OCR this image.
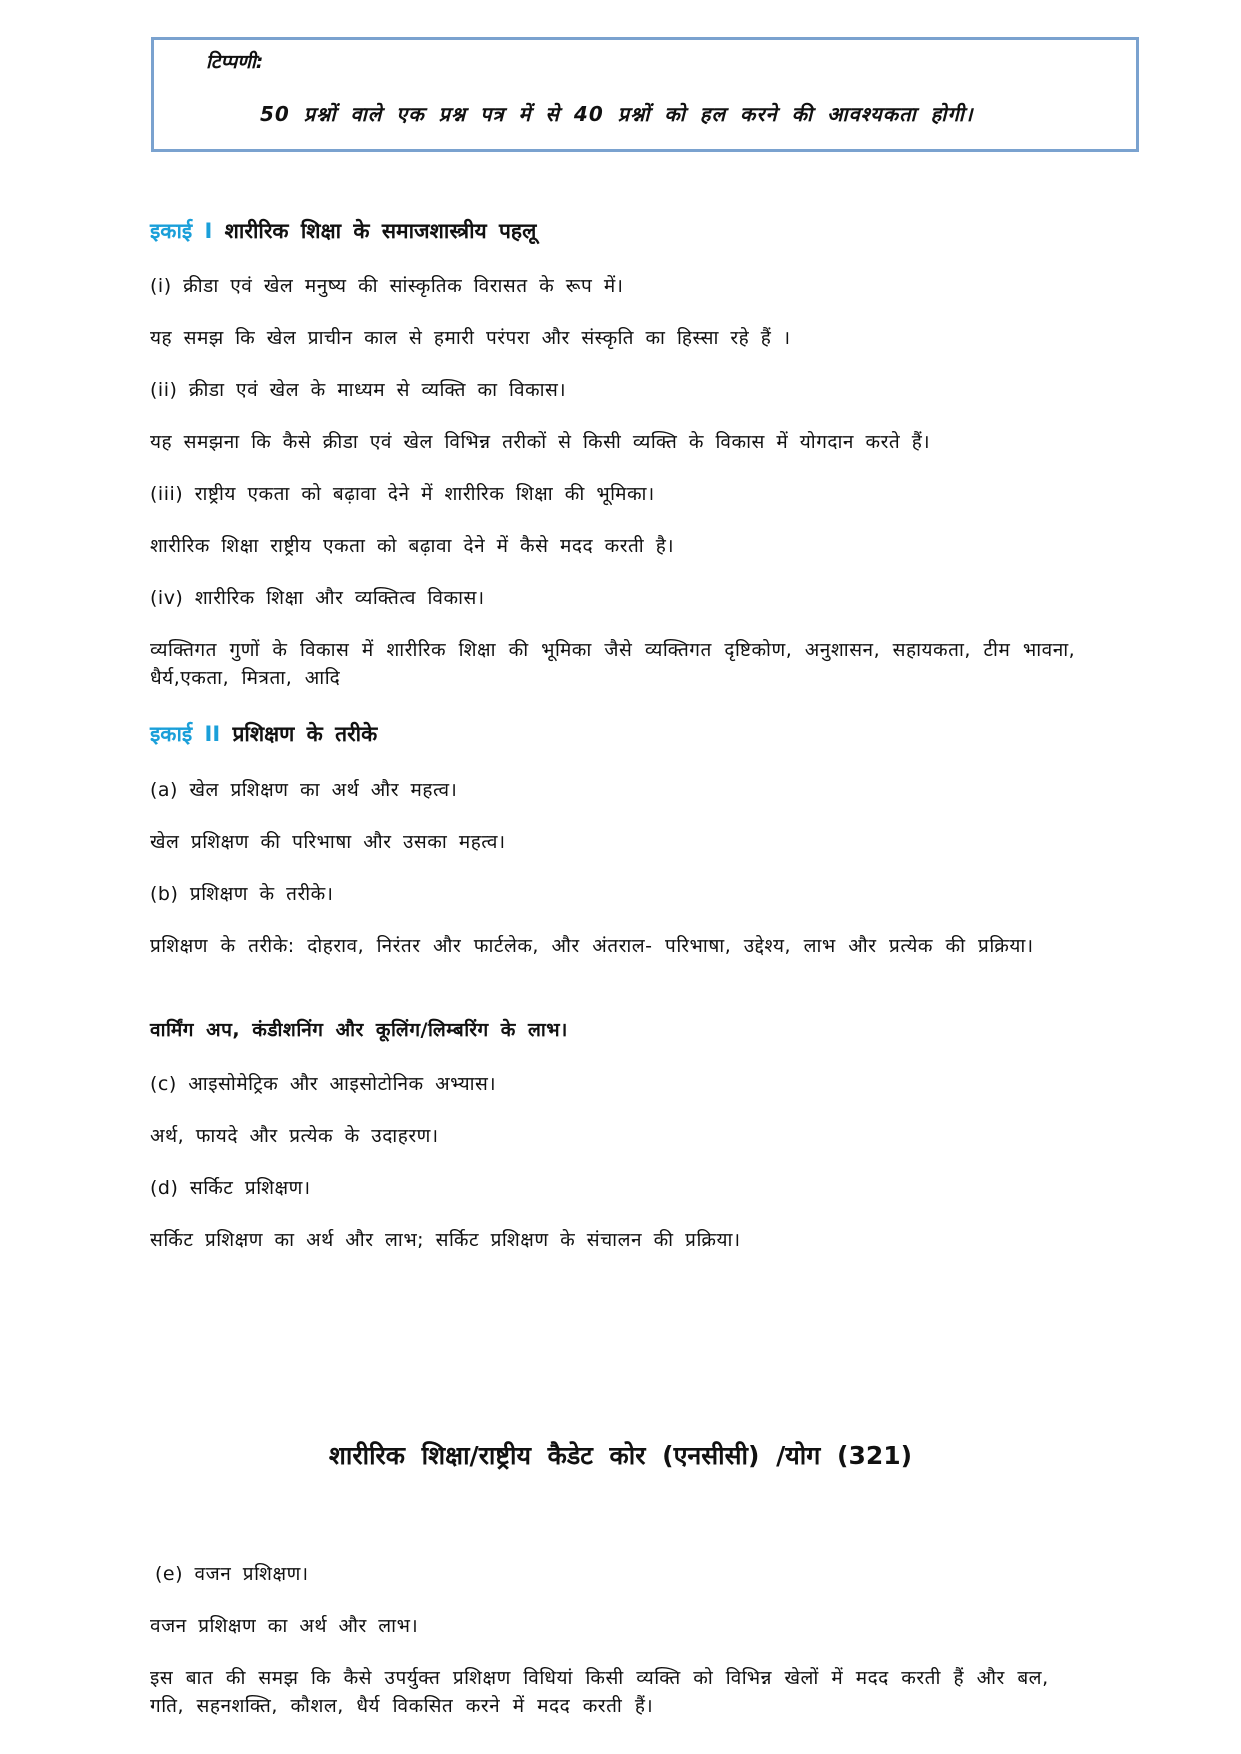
टिप्पणी:
50 प्रश्नों वाले एक प्रश्न पत्र में से 40 प्रश्नों को हल करने की आवश्यकता होगी।
इकाई I शारीरिक शिक्षा के समाजशास्त्रीय पहलू
(i) क्रीडा एवं खेल मनुष्य की सांस्कृतिक विरासत के रूप में।
यह समझ कि खेल प्राचीन काल से हमारी परंपरा और संस्कृति का हिस्सा रहे हैं ।
(ii) क्रीडा एवं खेल के माध्यम से व्यक्ति का विकास।
यह समझना कि कैसे क्रीडा एवं खेल विभिन्न तरीकों से किसी व्यक्ति के विकास में योगदान करते हैं।
(iii) राष्ट्रीय एकता को बढ़ावा देने में शारीरिक शिक्षा की भूमिका।
शारीरिक शिक्षा राष्ट्रीय एकता को बढ़ावा देने में कैसे मदद करती है।
(iv) शारीरिक शिक्षा और व्यक्तित्व विकास।
व्यक्तिगत गुणों के विकास में शारीरिक शिक्षा की भूमिका जैसे व्यक्तिगत दृष्टिकोण, अनुशासन, सहायकता, टीम भावना, धैर्य,एकता, मित्रता, आदि
इकाई II प्रशिक्षण के तरीके
(a) खेल प्रशिक्षण का अर्थ और महत्व।
खेल प्रशिक्षण की परिभाषा और उसका महत्व।
(b) प्रशिक्षण के तरीके।
प्रशिक्षण के तरीके: दोहराव, निरंतर और फार्टलेक, और अंतराल- परिभाषा, उद्देश्य, लाभ और प्रत्येक की प्रक्रिया।
वार्मिंग अप, कंडीशनिंग और कूलिंग/लिम्बरिंग के लाभ।
(c) आइसोमेट्रिक और आइसोटोनिक अभ्यास।
अर्थ, फायदे और प्रत्येक के उदाहरण।
(d) सर्किट प्रशिक्षण।
सर्किट प्रशिक्षण का अर्थ और लाभ; सर्किट प्रशिक्षण के संचालन की प्रक्रिया।
शारीरिक शिक्षा/राष्ट्रीय कैडेट कोर (एनसीसी) /योग (321)
(e) वजन प्रशिक्षण।
वजन प्रशिक्षण का अर्थ और लाभ।
इस बात की समझ कि कैसे उपर्युक्त प्रशिक्षण विधियां किसी व्यक्ति को विभिन्न खेलों में मदद करती हैं और बल, गति, सहनशक्ति, कौशल, धैर्य विकसित करने में मदद करती हैं।
